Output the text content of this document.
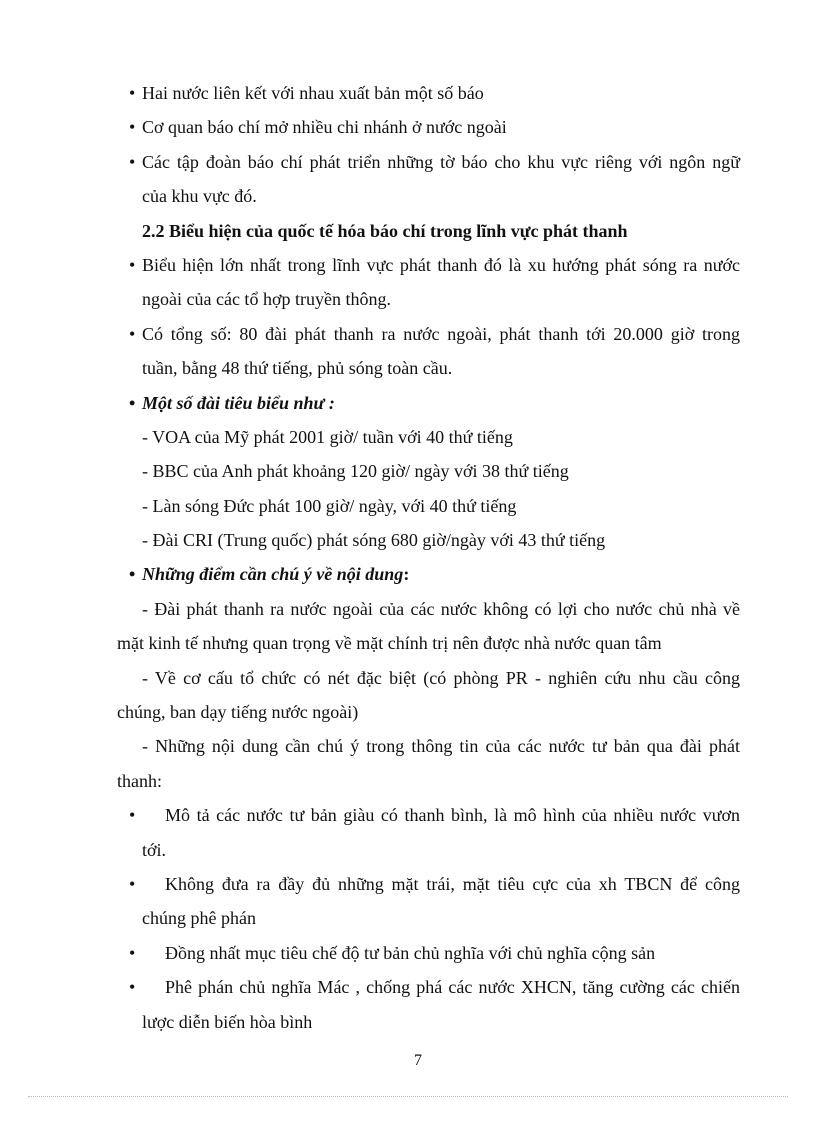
• Hai nước liên kết với nhau xuất bản một số báo
• Cơ quan báo chí mở nhiều chi nhánh ở nước ngoài
• Các tập đoàn báo chí phát triển những tờ báo cho khu vực riêng với ngôn ngữ
của khu vực đó.
2.2 Biểu hiện của quốc tế hóa báo chí trong lĩnh vực phát thanh
• Biểu hiện lớn nhất trong lĩnh vực phát thanh đó là xu hướng phát sóng ra nước
ngoài của các tổ hợp truyền thông.
• Có tổng số: 80 đài phát thanh ra nước ngoài, phát thanh tới 20.000 giờ trong
tuần, bằng 48 thứ tiếng, phủ sóng toàn cầu.
• Một số đài tiêu biểu như :
- VOA của Mỹ phát 2001 giờ/ tuần với 40 thứ tiếng
- BBC của Anh phát khoảng 120 giờ/ ngày với 38 thứ tiếng
- Làn sóng Đức phát 100 giờ/ ngày, với 40 thứ tiếng
- Đài CRI (Trung quốc) phát sóng 680 giờ/ngày với 43 thứ tiếng
• Những điểm cần chú ý về nội dung:
- Đài phát thanh ra nước ngoài của các nước không có lợi cho nước chủ nhà về
mặt kinh tế nhưng quan trọng về mặt chính trị nên được nhà nước quan tâm
- Về cơ cấu tổ chức có nét đặc biệt (có phòng PR - nghiên cứu nhu cầu công
chúng, ban dạy tiếng nước ngoài)
- Những nội dung cần chú ý trong thông tin của các nước tư bản qua đài phát
thanh:
• Mô tả các nước tư bản giàu có thanh bình, là mô hình của nhiều nước vươn
tới.
• Không đưa ra đầy đủ những mặt trái, mặt tiêu cực của xh TBCN để công
chúng phê phán
• Đồng nhất mục tiêu chế độ tư bản chủ nghĩa với chủ nghĩa cộng sản
• Phê phán chủ nghĩa Mác , chống phá các nước XHCN, tăng cường các chiến
lược diễn biến hòa bình
7
